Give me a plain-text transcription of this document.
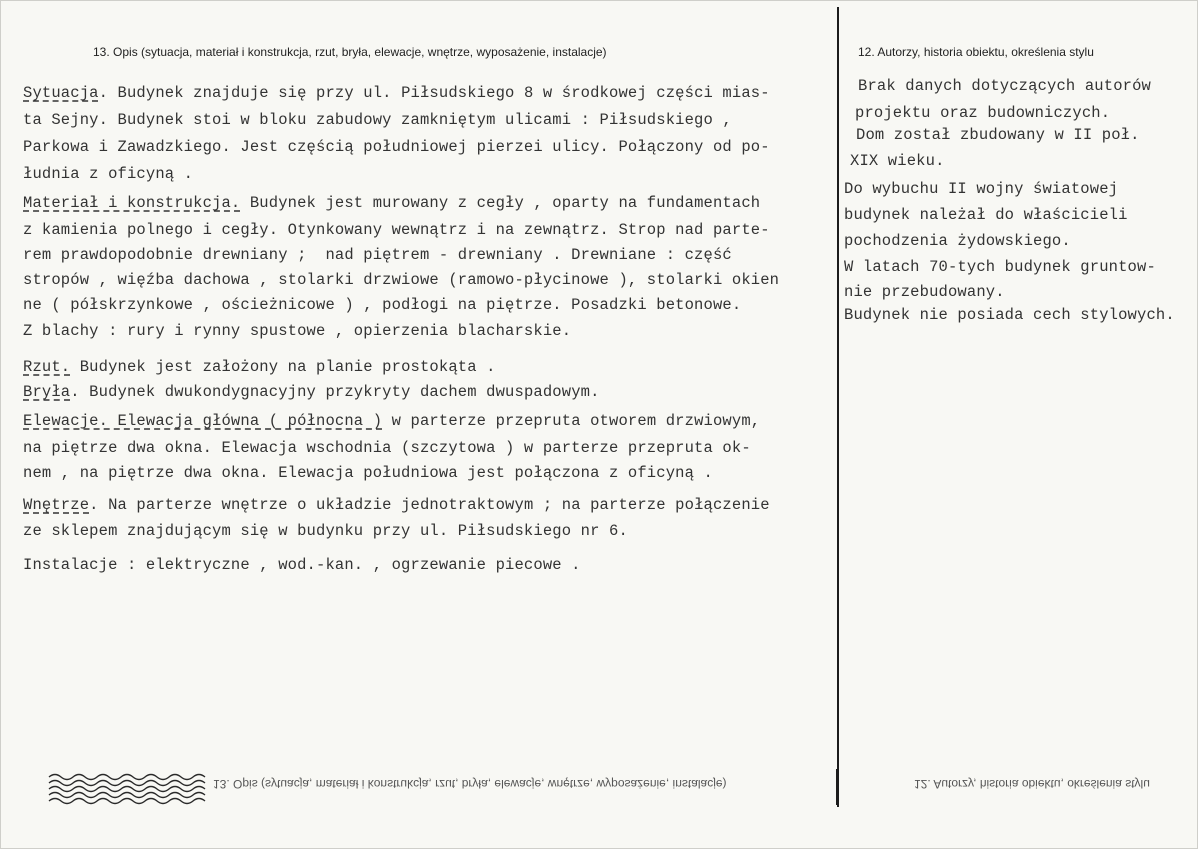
13. Opis (sytuacja, materiał i konstrukcja, rzut, bryła, elewacje, wnętrze, wyposażenie, instalacje)	12. Autorzy, historia obiektu, określenia stylu
Sytuacja. Budynek znajduje się przy ul. Piłsudskiego 8 w środkowej części mias-
ta Sejny. Budynek stoi w bloku zabudowy zamkniętym ulicami : Piłsudskiego ,
Parkowa i Zawadzkiego. Jest częścią południowej pierzei ulicy. Połączony od po-
łudnia z oficyną .
Materiał i konstrukcja. Budynek jest murowany z cegły , oparty na fundamentach
z kamienia polnego i cegły. Otynkowany wewnątrz i na zewnątrz. Strop nad parte-
rem prawdopodobnie drewniany ;  nad piętrem - drewniany . Drewniane : część
stropów , więźba dachowa , stolarki drzwiowe (ramowo-płycinowe ), stolarki okien
ne ( półskrzynkowe , ościeżnicowe ) , podłogi na piętrze. Posadzki betonowe.
Z blachy : rury i rynny spustowe , opierzenia blacharskie.
Rzut. Budynek jest założony na planie prostokąta .
Bryła. Budynek dwukondygnacyjny przykryty dachem dwuspadowym.
Elewacje. Elewacja główna ( północna ) w parterze przepruta otworem drzwiowym,
na piętrze dwa okna. Elewacja wschodnia (szczytowa ) w parterze przepruta ok-
nem , na piętrze dwa okna. Elewacja południowa jest połączona z oficyną .
Wnętrze. Na parterze wnętrze o układzie jednotraktowym ; na parterze połączenie
ze sklepem znajdującym się w budynku przy ul. Piłsudskiego nr 6.
Instalacje : elektryczne , wod.-kan. , ogrzewanie piecowe .
Brak danych dotyczących autorów
projektu oraz budowniczych.
Dom został zbudowany w II poł.
XIX wieku.
Do wybuchu II wojny światowej
budynek należał do właścicieli
pochodzenia żydowskiego.
W latach 70-tych budynek gruntow-
nie przebudowany.
Budynek nie posiada cech stylowych.
13. Opis (sytuacja, materiał i konstrukcja, rzut, bryła, elewacje, wnętrze, wyposażenie, instalacje)	12. Autorzy, historia obiektu, określenia stylu
